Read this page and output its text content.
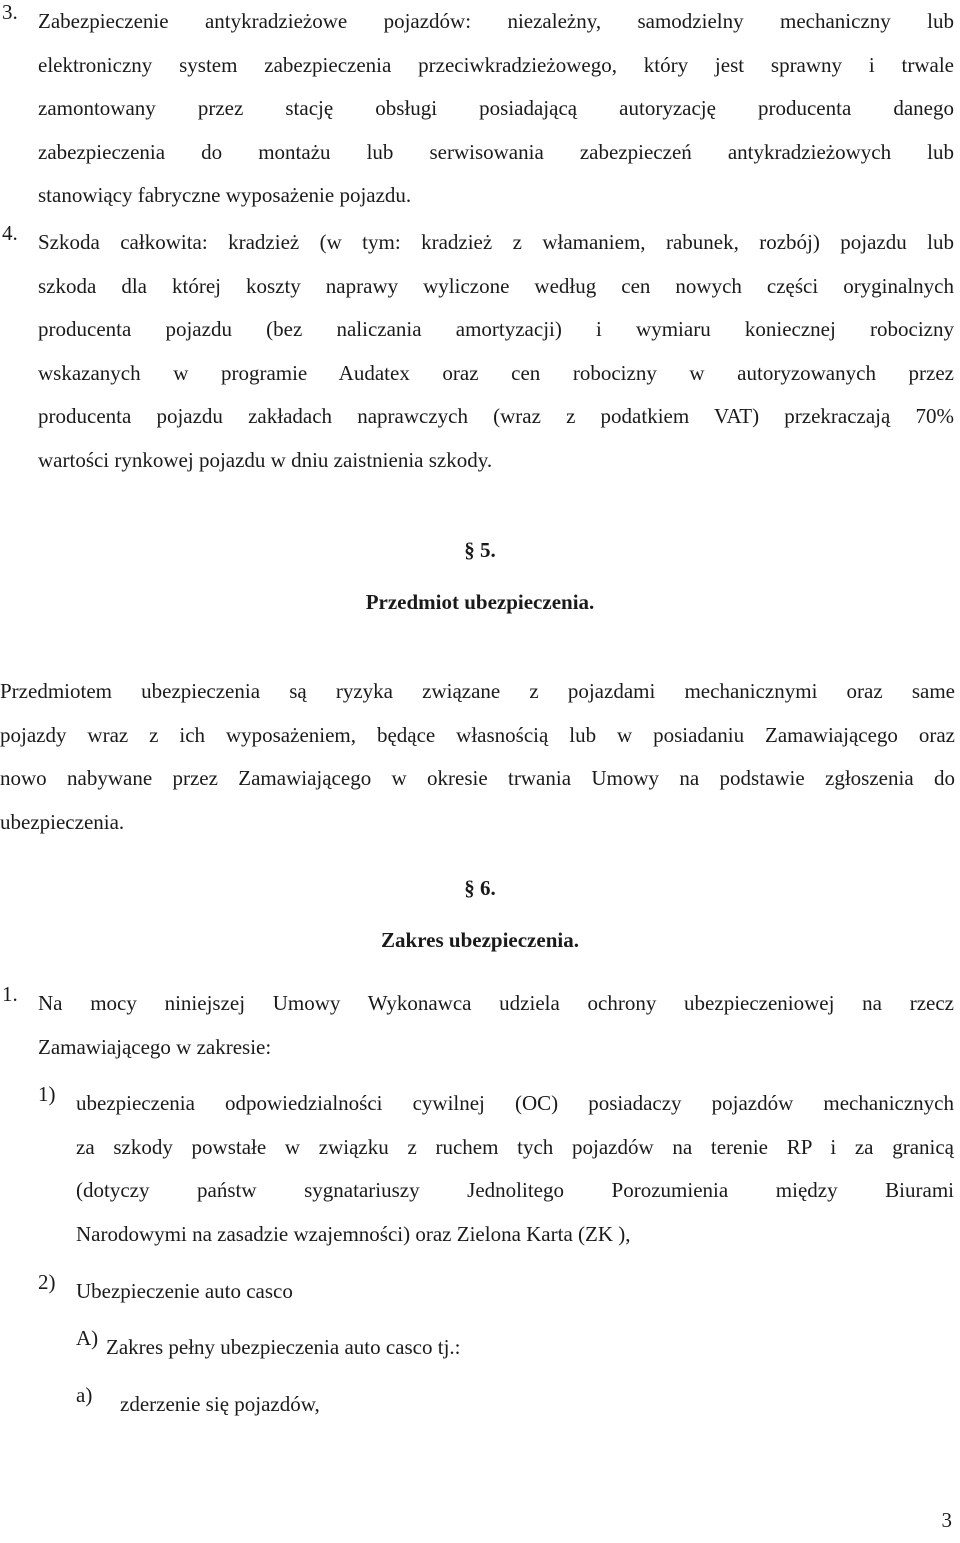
3. Zabezpieczenie antykradzieżowe pojazdów: niezależny, samodzielny mechaniczny lub
elektroniczny system zabezpieczenia przeciwkradzieżowego, który jest sprawny i trwale
zamontowany przez stację obsługi posiadającą autoryzację producenta danego
zabezpieczenia do montażu lub serwisowania zabezpieczeń antykradzieżowych lub
stanowiący fabryczne wyposażenie pojazdu.
4. Szkoda całkowita: kradzież (w tym: kradzież z włamaniem, rabunek, rozbój) pojazdu lub
szkoda dla której koszty naprawy wyliczone według cen nowych części oryginalnych
producenta pojazdu (bez naliczania amortyzacji) i wymiaru koniecznej robocizny
wskazanych w programie Audatex oraz cen robocizny w autoryzowanych przez
producenta pojazdu zakładach naprawczych (wraz z podatkiem VAT) przekraczają 70%
wartości rynkowej pojazdu w dniu zaistnienia szkody.
§ 5.
Przedmiot ubezpieczenia.
Przedmiotem ubezpieczenia są ryzyka związane z pojazdami mechanicznymi oraz same
pojazdy wraz z ich wyposażeniem, będące własnością lub w posiadaniu Zamawiającego oraz
nowo nabywane przez Zamawiającego w okresie trwania Umowy na podstawie zgłoszenia do
ubezpieczenia.
§ 6.
Zakres ubezpieczenia.
1. Na mocy niniejszej Umowy Wykonawca udziela ochrony ubezpieczeniowej na rzecz
Zamawiającego w zakresie:
1) ubezpieczenia odpowiedzialności cywilnej (OC) posiadaczy pojazdów mechanicznych
za szkody powstałe w związku z ruchem tych pojazdów na terenie RP i za granicą
(dotyczy państw sygnatariuszy Jednolitego Porozumienia między Biurami
Narodowymi na zasadzie wzajemności) oraz Zielona Karta (ZK ),
2) Ubezpieczenie auto casco
A) Zakres pełny ubezpieczenia auto casco tj.:
a) zderzenie się pojazdów,
3
